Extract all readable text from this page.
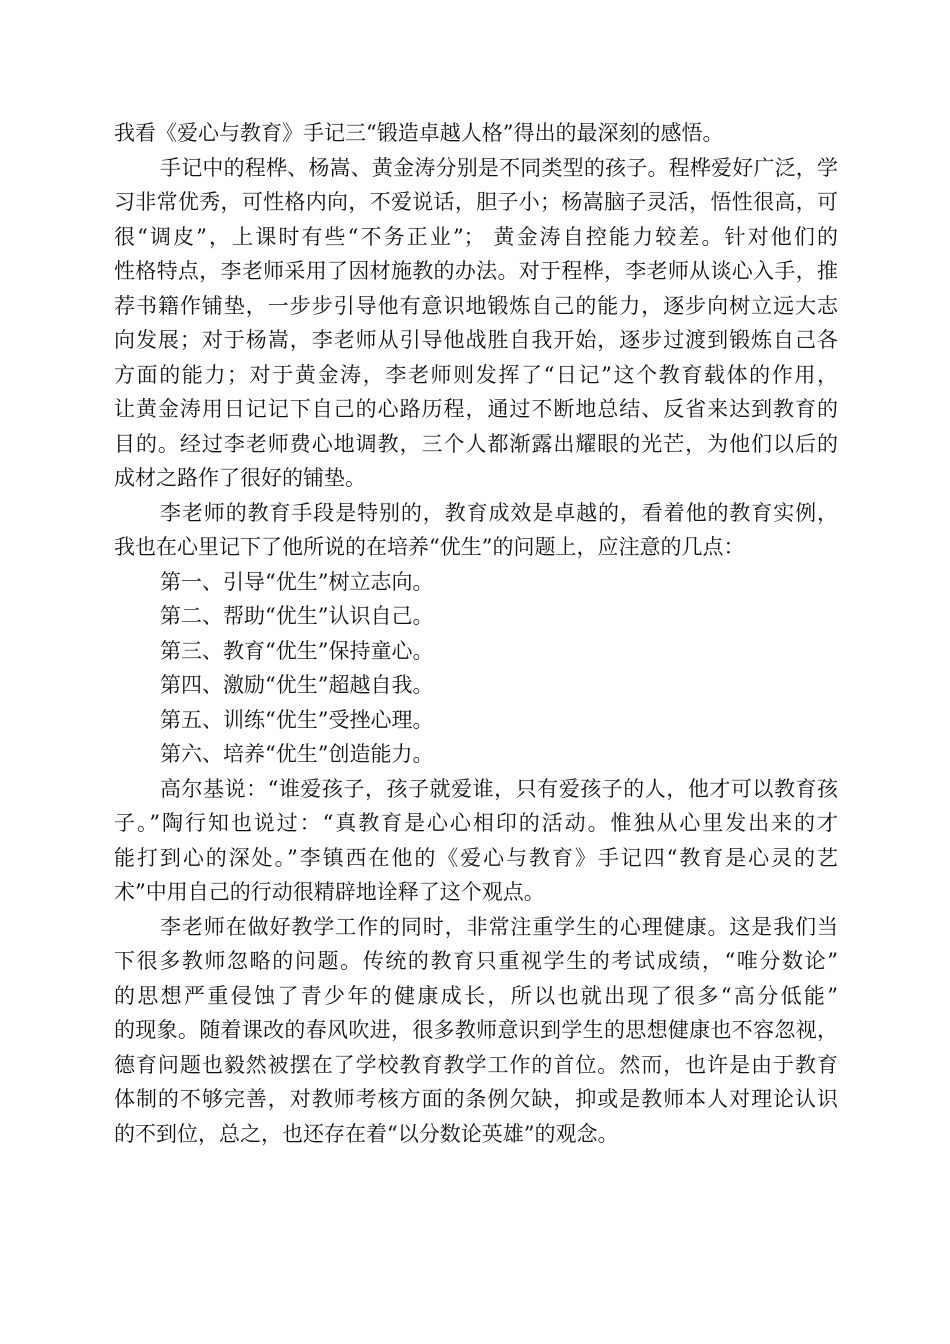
我看《爱心与教育》手记三“锻造卓越人格”得出的最深刻的感悟。
手记中的程桦、杨嵩、黄金涛分别是不同类型的孩子。程桦爱好广泛，学
习非常优秀，可性格内向，不爱说话，胆子小；杨嵩脑子灵活，悟性很高，可
很“调皮”，上课时有些“不务正业”； 黄金涛自控能力较差。针对他们的
性格特点，李老师采用了因材施教的办法。对于程桦，李老师从谈心入手，推
荐书籍作铺垫，一步步引导他有意识地锻炼自己的能力，逐步向树立远大志
向发展；对于杨嵩，李老师从引导他战胜自我开始，逐步过渡到锻炼自己各
方面的能力；对于黄金涛，李老师则发挥了“日记”这个教育载体的作用，
让黄金涛用日记记下自己的心路历程，通过不断地总结、反省来达到教育的
目的。经过李老师费心地调教，三个人都渐露出耀眼的光芒，为他们以后的
成材之路作了很好的铺垫。
李老师的教育手段是特别的，教育成效是卓越的，看着他的教育实例，
我也在心里记下了他所说的在培养“优生”的问题上，应注意的几点：
第一、引导“优生”树立志向。
第二、帮助“优生”认识自己。
第三、教育“优生”保持童心。
第四、激励“优生”超越自我。
第五、训练“优生”受挫心理。
第六、培养“优生”创造能力。
高尔基说：“谁爱孩子，孩子就爱谁，只有爱孩子的人，他才可以教育孩
子。”陶行知也说过：“真教育是心心相印的活动。惟独从心里发出来的才
能打到心的深处。”李镇西在他的《爱心与教育》手记四“教育是心灵的艺
术”中用自己的行动很精辟地诠释了这个观点。
李老师在做好教学工作的同时，非常注重学生的心理健康。这是我们当
下很多教师忽略的问题。传统的教育只重视学生的考试成绩，“唯分数论”
的思想严重侵蚀了青少年的健康成长，所以也就出现了很多“高分低能”
的现象。随着课改的春风吹进，很多教师意识到学生的思想健康也不容忽视，
德育问题也毅然被摆在了学校教育教学工作的首位。然而，也许是由于教育
体制的不够完善，对教师考核方面的条例欠缺，抑或是教师本人对理论认识
的不到位，总之，也还存在着“以分数论英雄”的观念。
